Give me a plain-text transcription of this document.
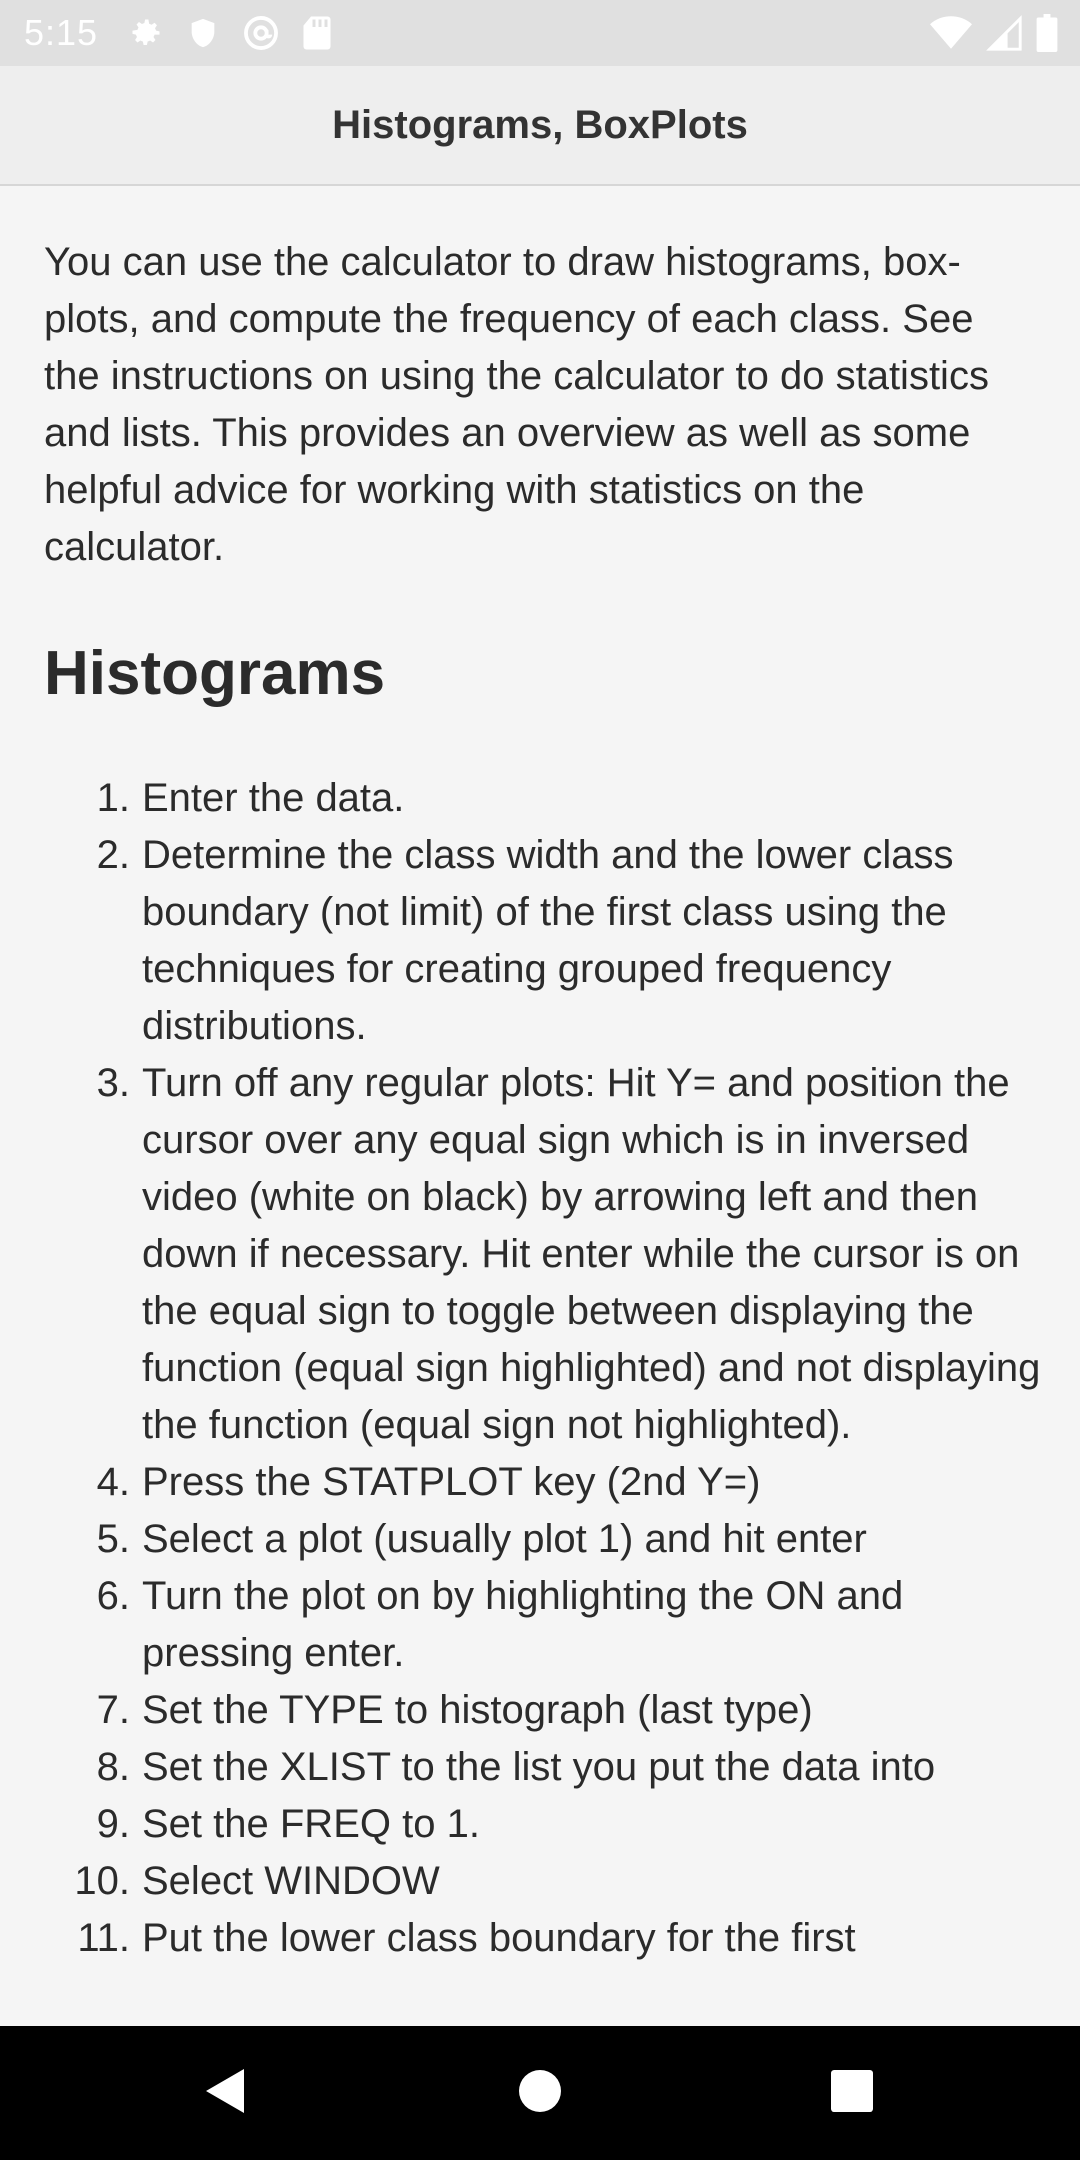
5:15
Histograms, BoxPlots

You can use the calculator to draw histograms, box-plots, and compute the frequency of each class. See the instructions on using the calculator to do statistics and lists. This provides an overview as well as some helpful advice for working with statistics on the calculator.

Histograms
1. Enter the data.
2. Determine the class width and the lower class boundary (not limit) of the first class using the techniques for creating grouped frequency distributions.
3. Turn off any regular plots: Hit Y= and position the cursor over any equal sign which is in inversed video (white on black) by arrowing left and then down if necessary. Hit enter while the cursor is on the equal sign to toggle between displaying the function (equal sign highlighted) and not displaying the function (equal sign not highlighted).
4. Press the STATPLOT key (2nd Y=)
5. Select a plot (usually plot 1) and hit enter
6. Turn the plot on by highlighting the ON and pressing enter.
7. Set the TYPE to histograph (last type)
8. Set the XLIST to the list you put the data into
9. Set the FREQ to 1.
10. Select WINDOW
11. Put the lower class boundary for the first
